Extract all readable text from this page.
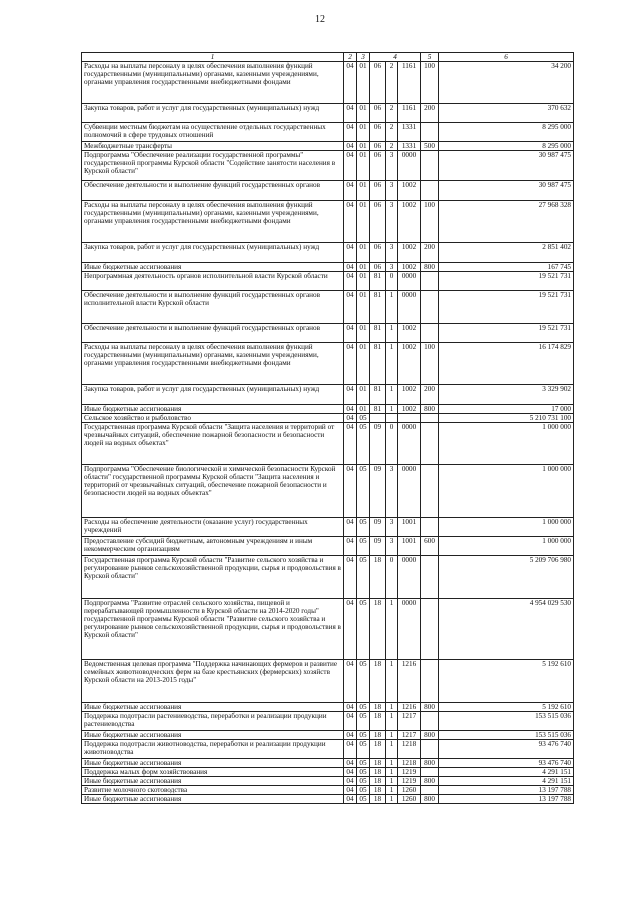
12
1	2	3	4			5	6
Расходы на выплаты персоналу в целях обеспечения выполнения функций государственными (муниципальными) органами, казенными учреждениями, органами управления государственными внебюджетными фондами	04	01	06	2	1161	100	34 200
Закупка товаров, работ и услуг для государственных (муниципальных) нужд	04	01	06	2	1161	200	370 632
Субвенции местным бюджетам на осуществление отдельных государственных полномочий в сфере трудовых отношений	04	01	06	2	1331		8 295 000
Межбюджетные трансферты	04	01	06	2	1331	500	8 295 000
Подпрограмма "Обеспечение реализации государственной программы" государственной программы Курской области "Содействие занятости населения в Курской области"	04	01	06	3	0000		30 987 475
Обеспечение деятельности и выполнение функций государственных органов	04	01	06	3	1002		30 987 475
Расходы на выплаты персоналу в целях обеспечения выполнения функций государственными (муниципальными) органами, казенными учреждениями, органами управления государственными внебюджетными фондами	04	01	06	3	1002	100	27 968 328
Закупка товаров, работ и услуг для государственных (муниципальных) нужд	04	01	06	3	1002	200	2 851 402
Иные бюджетные ассигнования	04	01	06	3	1002	800	167 745
Непрограммная деятельность органов исполнительной власти Курской области	04	01	81	0	0000		19 521 731
Обеспечение деятельности и выполнение функций государственных органов исполнительной власти Курской области	04	01	81	1	0000		19 521 731
Обеспечение деятельности и выполнение функций государственных органов	04	01	81	1	1002		19 521 731
Расходы на выплаты персоналу в целях обеспечения выполнения функций государственными (муниципальными) органами, казенными учреждениями, органами управления государственными внебюджетными фондами	04	01	81	1	1002	100	16 174 829
Закупка товаров, работ и услуг для государственных (муниципальных) нужд	04	01	81	1	1002	200	3 329 902
Иные бюджетные ассигнования	04	01	81	1	1002	800	17 000
Сельское хозяйство и рыболовство	04	05					5 210 731 100
Государственная программа Курской области "Защита населения и территорий от чрезвычайных ситуаций, обеспечение пожарной безопасности и безопасности людей на водных объектах"	04	05	09	0	0000		1 000 000
Подпрограмма "Обеспечение биологической и химической безопасности Курской области" государственной программы Курской области "Защита населения и территорий от чрезвычайных ситуаций, обеспечение пожарной безопасности и безопасности людей на водных объектах"	04	05	09	3	0000		1 000 000
Расходы на обеспечение деятельности (оказание услуг) государственных учреждений	04	05	09	3	1001		1 000 000
Предоставление субсидий бюджетным, автономным учреждениям и иным некоммерческим организациям	04	05	09	3	1001	600	1 000 000
Государственная программа Курской области "Развитие сельского хозяйства и регулирование рынков сельскохозяйственной продукции, сырья и продовольствия в Курской области"	04	05	18	0	0000		5 209 706 980
Подпрограмма "Развитие отраслей сельского хозяйства, пищевой и перерабатывающей промышленности в Курской области на 2014-2020 годы" государственной программы Курской области "Развитие сельского хозяйства и регулирование рынков сельскохозяйственной продукции, сырья и продовольствия в Курской области"	04	05	18	1	0000		4 954 029 530
Ведомственная целевая программа "Поддержка начинающих фермеров и развитие семейных животноводческих ферм на базе крестьянских (фермерских) хозяйств Курской области на 2013-2015 годы"	04	05	18	1	1216		5 192 610
Иные бюджетные ассигнования	04	05	18	1	1216	800	5 192 610
Поддержка подотрасли растениеводства, переработки и реализации продукции растениеводства	04	05	18	1	1217		153 515 036
Иные бюджетные ассигнования	04	05	18	1	1217	800	153 515 036
Поддержка подотрасли животноводства, переработки и реализации продукции животноводства	04	05	18	1	1218		93 476 740
Иные бюджетные ассигнования	04	05	18	1	1218	800	93 476 740
Поддержка малых форм хозяйствования	04	05	18	1	1219		4 291 151
Иные бюджетные ассигнования	04	05	18	1	1219	800	4 291 151
Развитие молочного скотоводства	04	05	18	1	1260		13 197 788
Иные бюджетные ассигнования	04	05	18	1	1260	800	13 197 788
